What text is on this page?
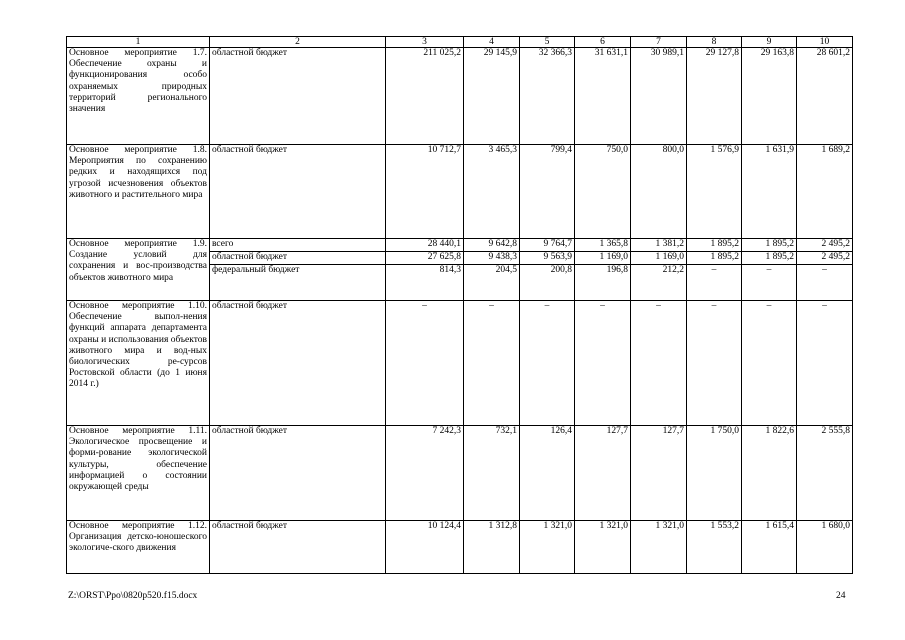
1	2	3	4	5	6	7	8	9	10
Основное мероприятие 1.7. Обеспечение охраны и функционирования особо охраняемых природных территорий регионального значения	областной бюджет	211 025,2	29 145,9	32 366,3	31 631,1	30 989,1	29 127,8	29 163,8	28 601,2
Основное мероприятие 1.8. Мероприятия по сохранению редких и находящихся под угрозой исчезновения объектов животного и растительного мира	областной бюджет	10 712,7	3 465,3	799,4	750,0	800,0	1 576,9	1 631,9	1 689,2
Основное мероприятие 1.9. Создание условий для сохранения и вос-производства объектов животного мира	всего	28 440,1	9 642,8	9 764,7	1 365,8	1 381,2	1 895,2	1 895,2	2 495,2
	областной бюджет	27 625,8	9 438,3	9 563,9	1 169,0	1 169,0	1 895,2	1 895,2	2 495,2
	федеральный бюджет	814,3	204,5	200,8	196,8	212,2	–	–	–
Основное мероприятие 1.10. Обеспечение выпол-нения функций аппарата департамента охраны и использования объектов животного мира и вод-ных биологических ре-сурсов Ростовской области (до 1 июня 2014 г.)	областной бюджет	–	–	–	–	–	–	–	–
Основное мероприятие 1.11. Экологическое просвещение и форми-рование экологической культуры, обеспечение информацией о состоянии окружающей среды	областной бюджет	7 242,3	732,1	126,4	127,7	127,7	1 750,0	1 822,6	2 555,8
Основное мероприятие 1.12. Организация детско-юношеского экологиче-ского движения	областной бюджет	10 124,4	1 312,8	1 321,0	1 321,0	1 321,0	1 553,2	1 615,4	1 680,0
Z:\ORST\Ppo\0820p520.f15.docx	24
